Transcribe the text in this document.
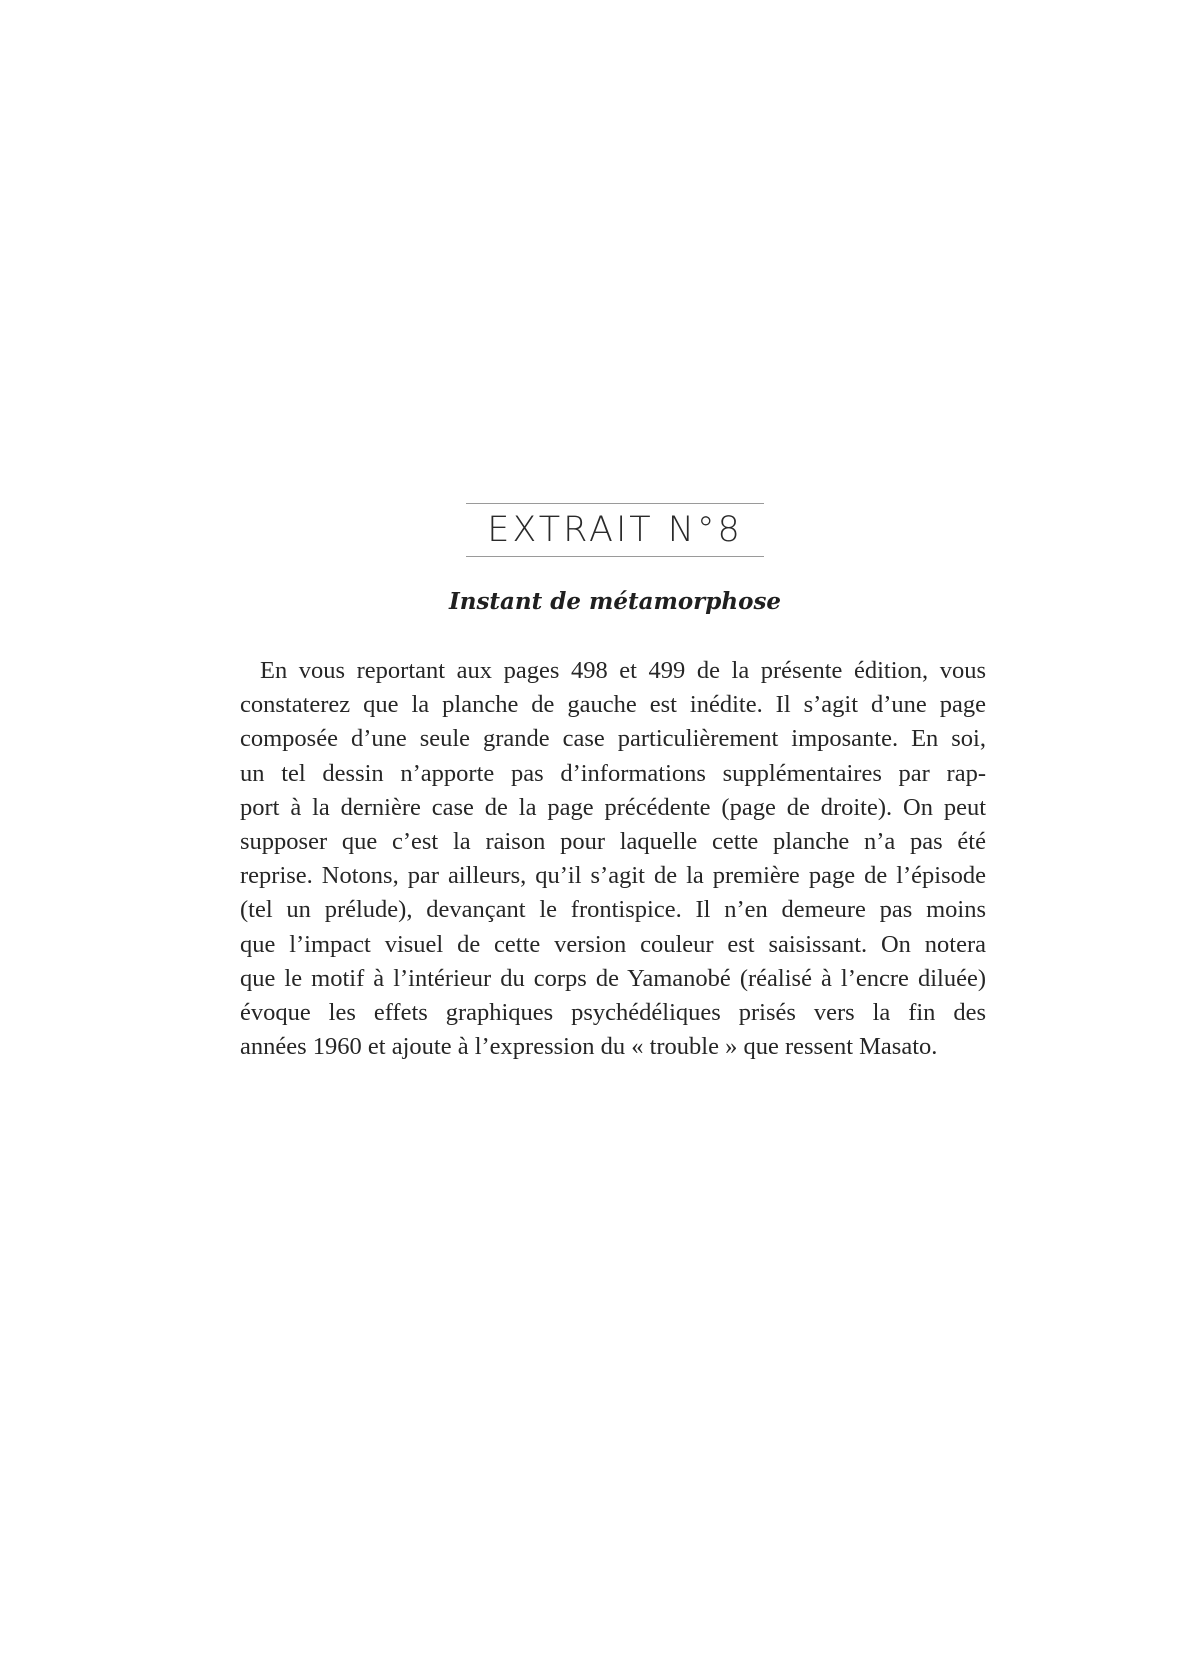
EXTRAIT N°8
Instant de métamorphose

En vous reportant aux pages 498 et 499 de la présente édition, vous
constaterez que la planche de gauche est inédite. Il s’agit d’une page
composée d’une seule grande case particulièrement imposante. En soi,
un tel dessin n’apporte pas d’informations supplémentaires par rap-
port à la dernière case de la page précédente (page de droite). On peut
supposer que c’est la raison pour laquelle cette planche n’a pas été
reprise. Notons, par ailleurs, qu’il s’agit de la première page de l’épisode
(tel un prélude), devançant le frontispice. Il n’en demeure pas moins
que l’impact visuel de cette version couleur est saisissant. On notera
que le motif à l’intérieur du corps de Yamanobé (réalisé à l’encre diluée)
évoque les effets graphiques psychédéliques prisés vers la fin des
années 1960 et ajoute à l’expression du « trouble » que ressent Masato.
